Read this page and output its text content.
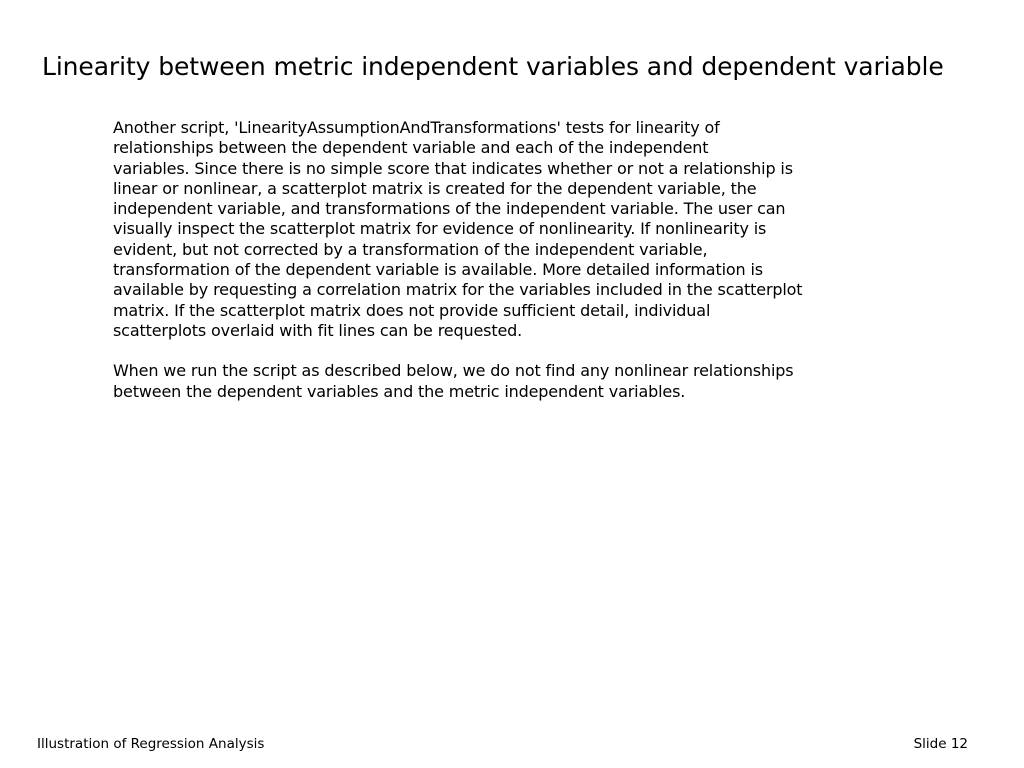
Linearity between metric independent variables and dependent variable

Another script, 'LinearityAssumptionAndTransformations' tests for linearity of
relationships between the dependent variable and each of the independent
variables. Since there is no simple score that indicates whether or not a relationship is
linear or nonlinear, a scatterplot matrix is created for the dependent variable, the
independent variable, and transformations of the independent variable. The user can
visually inspect the scatterplot matrix for evidence of nonlinearity. If nonlinearity is
evident, but not corrected by a transformation of the independent variable,
transformation of the dependent variable is available. More detailed information is
available by requesting a correlation matrix for the variables included in the scatterplot
matrix. If the scatterplot matrix does not provide sufficient detail, individual
scatterplots overlaid with fit lines can be requested.

When we run the script as described below, we do not find any nonlinear relationships
between the dependent variables and the metric independent variables.

Illustration of Regression Analysis	Slide 12
